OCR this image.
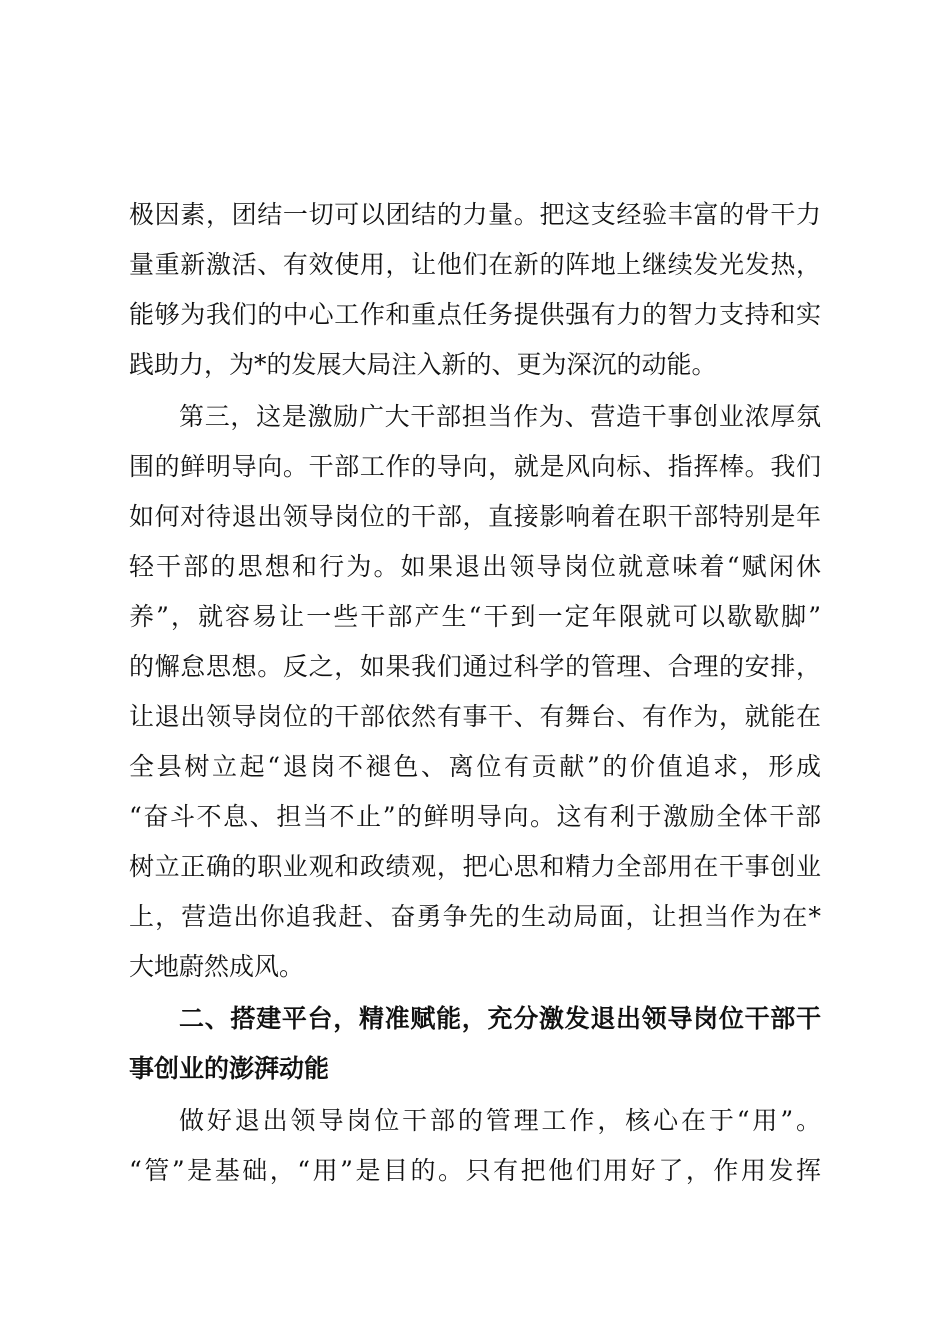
极因素，团结一切可以团结的力量。把这支经验丰富的骨干力

量重新激活、有效使用，让他们在新的阵地上继续发光发热，

能够为我们的中心工作和重点任务提供强有力的智力支持和实

践助力，为*的发展大局注入新的、更为深沉的动能。

第三，这是激励广大干部担当作为、营造干事创业浓厚氛

围的鲜明导向。干部工作的导向，就是风向标、指挥棒。我们

如何对待退出领导岗位的干部，直接影响着在职干部特别是年

轻干部的思想和行为。如果退出领导岗位就意味着“赋闲休

养”，就容易让一些干部产生“干到一定年限就可以歇歇脚”

的懈怠思想。反之，如果我们通过科学的管理、合理的安排，

让退出领导岗位的干部依然有事干、有舞台、有作为，就能在

全县树立起“退岗不褪色、离位有贡献”的价值追求，形成

“奋斗不息、担当不止”的鲜明导向。这有利于激励全体干部

树立正确的职业观和政绩观，把心思和精力全部用在干事创业

上，营造出你追我赶、奋勇争先的生动局面，让担当作为在*

大地蔚然成风。

二、搭建平台，精准赋能，充分激发退出领导岗位干部干

事创业的澎湃动能

做好退出领导岗位干部的管理工作，核心在于“用”。

“管”是基础，“用”是目的。只有把他们用好了，作用发挥
